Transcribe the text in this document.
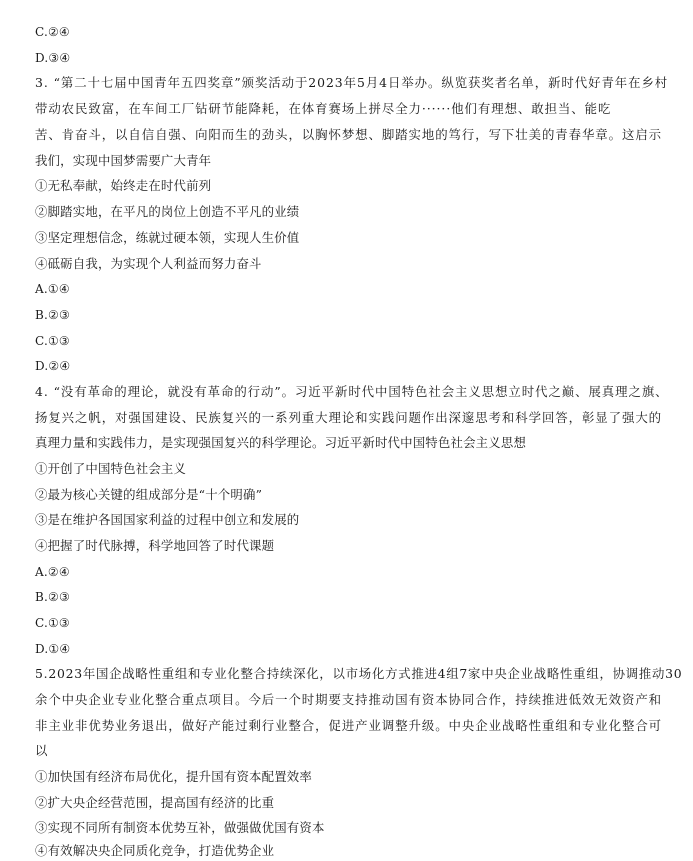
C.②④
D.③④
3. “第二十七届中国青年五四奖章”颁奖活动于2023年5月4日举办。纵览获奖者名单，新时代好青年在乡村
带动农民致富，在车间工厂钻研节能降耗，在体育赛场上拼尽全力······他们有理想、敢担当、能吃
苦、肯奋斗，以自信自强、向阳而生的劲头，以胸怀梦想、脚踏实地的笃行，写下壮美的青春华章。这启示
我们，实现中国梦需要广大青年
①无私奉献，始终走在时代前列
②脚踏实地，在平凡的岗位上创造不平凡的业绩
③坚定理想信念，练就过硬本领，实现人生价值
④砥砺自我，为实现个人利益而努力奋斗
A.①④
B.②③
C.①③
D.②④
4. “没有革命的理论，就没有革命的行动”。习近平新时代中国特色社会主义思想立时代之巅、展真理之旗、
扬复兴之帆，对强国建设、民族复兴的一系列重大理论和实践问题作出深邃思考和科学回答，彰显了强大的
真理力量和实践伟力，是实现强国复兴的科学理论。习近平新时代中国特色社会主义思想
①开创了中国特色社会主义
②最为核心关键的组成部分是“十个明确”
③是在维护各国国家利益的过程中创立和发展的
④把握了时代脉搏，科学地回答了时代课题
A.②④
B.②③
C.①③
D.①④
5.2023年国企战略性重组和专业化整合持续深化，以市场化方式推进4组7家中央企业战略性重组，协调推动30
余个中央企业专业化整合重点项目。今后一个时期要支持推动国有资本协同合作，持续推进低效无效资产和
非主业非优势业务退出，做好产能过剩行业整合，促进产业调整升级。中央企业战略性重组和专业化整合可
以
①加快国有经济布局优化，提升国有资本配置效率
②扩大央企经营范围，提高国有经济的比重
③实现不同所有制资本优势互补，做强做优国有资本
④有效解决央企同质化竞争，打造优势企业
